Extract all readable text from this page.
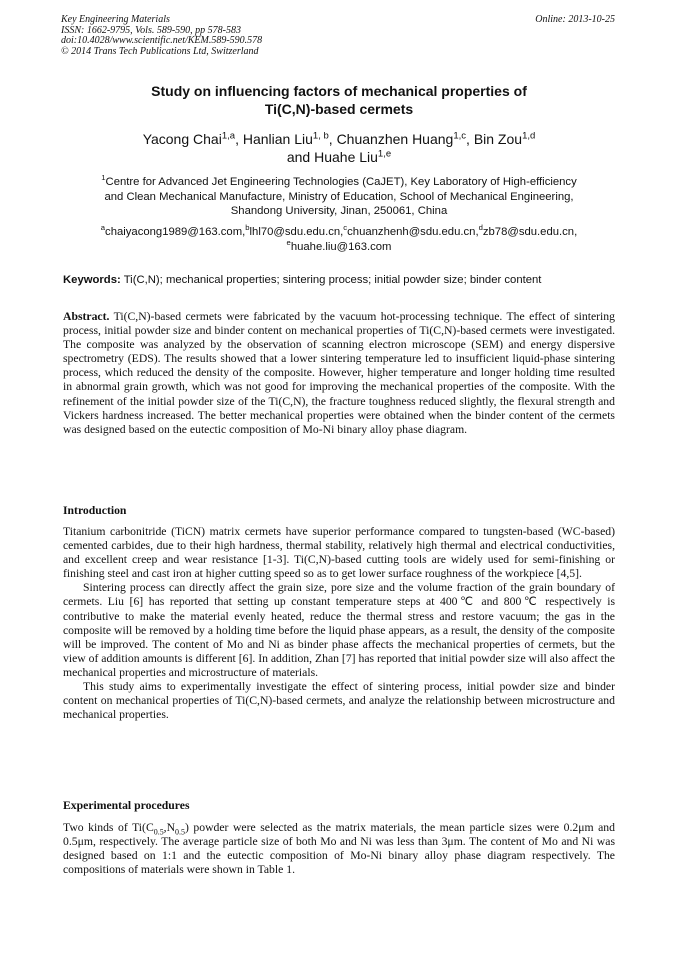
Key Engineering Materials
ISSN: 1662-9795, Vols. 589-590, pp 578-583
doi:10.4028/www.scientific.net/KEM.589-590.578
© 2014 Trans Tech Publications Ltd, Switzerland
Online: 2013-10-25
Study on influencing factors of mechanical properties of
Ti(C,N)-based cermets
Yacong Chai$^{1,a}$, Hanlian Liu$^{1, b}$, Chuanzhen Huang$^{1,c}$, Bin Zou$^{1,d}$
and Huahe Liu$^{1,e}$
$^1$Centre for Advanced Jet Engineering Technologies (CaJET), Key Laboratory of High-efficiency
and Clean Mechanical Manufacture, Ministry of Education, School of Mechanical Engineering,
Shandong University, Jinan, 250061, China
$^a$chaiyacong1989@163.com,$^b$lhl70@sdu.edu.cn,$^c$chuanzhenh@sdu.edu.cn,$^d$zb78@sdu.edu.cn,
$^e$huahe.liu@163.com
Keywords: Ti(C,N); mechanical properties; sintering process; initial powder size; binder content

Abstract. Ti(C,N)-based cermets were fabricated by the vacuum hot-processing technique. The effect of sintering process, initial powder size and binder content on mechanical properties of Ti(C,N)-based cermets were investigated. The composite was analyzed by the observation of scanning electron microscope (SEM) and energy dispersive spectrometry (EDS). The results showed that a lower sintering temperature led to insufficient liquid-phase sintering process, which reduced the density of the composite. However, higher temperature and longer holding time resulted in abnormal grain growth, which was not good for improving the mechanical properties of the composite. With the refinement of the initial powder size of the Ti(C,N), the fracture toughness reduced slightly, the flexural strength and Vickers hardness increased. The better mechanical properties were obtained when the binder content of the cermets was designed based on the eutectic composition of Mo-Ni binary alloy phase diagram.

Introduction

Titanium carbonitride (TiCN) matrix cermets have superior performance compared to tungsten-based (WC-based) cemented carbides, due to their high hardness, thermal stability, relatively high thermal and electrical conductivities, and excellent creep and wear resistance [1-3]. Ti(C,N)-based cutting tools are widely used for semi-finishing or finishing steel and cast iron at higher cutting speed so as to get lower surface roughness of the workpiece [4,5].

Sintering process can directly affect the grain size, pore size and the volume fraction of the grain boundary of cermets. Liu [6] has reported that setting up constant temperature steps at 400℃ and 800℃ respectively is contributive to make the material evenly heated, reduce the thermal stress and restore vacuum; the gas in the composite will be removed by a holding time before the liquid phase appears, as a result, the density of the composite will be improved. The content of Mo and Ni as binder phase affects the mechanical properties of cermets, but the view of addition amounts is different [6]. In addition, Zhan [7] has reported that initial powder size will also affect the mechanical properties and microstructure of materials.

This study aims to experimentally investigate the effect of sintering process, initial powder size and binder content on mechanical properties of Ti(C,N)-based cermets, and analyze the relationship between microstructure and mechanical properties.

Experimental procedures

Two kinds of $Ti(C_{0.5},N_{0.5})$ powder were selected as the matrix materials, the mean particle sizes were 0.2μm and 0.5μm, respectively. The average particle size of both Mo and Ni was less than 3μm. The content of Mo and Ni was designed based on 1:1 and the eutectic composition of Mo-Ni binary alloy phase diagram respectively. The compositions of materials were shown in Table 1.
